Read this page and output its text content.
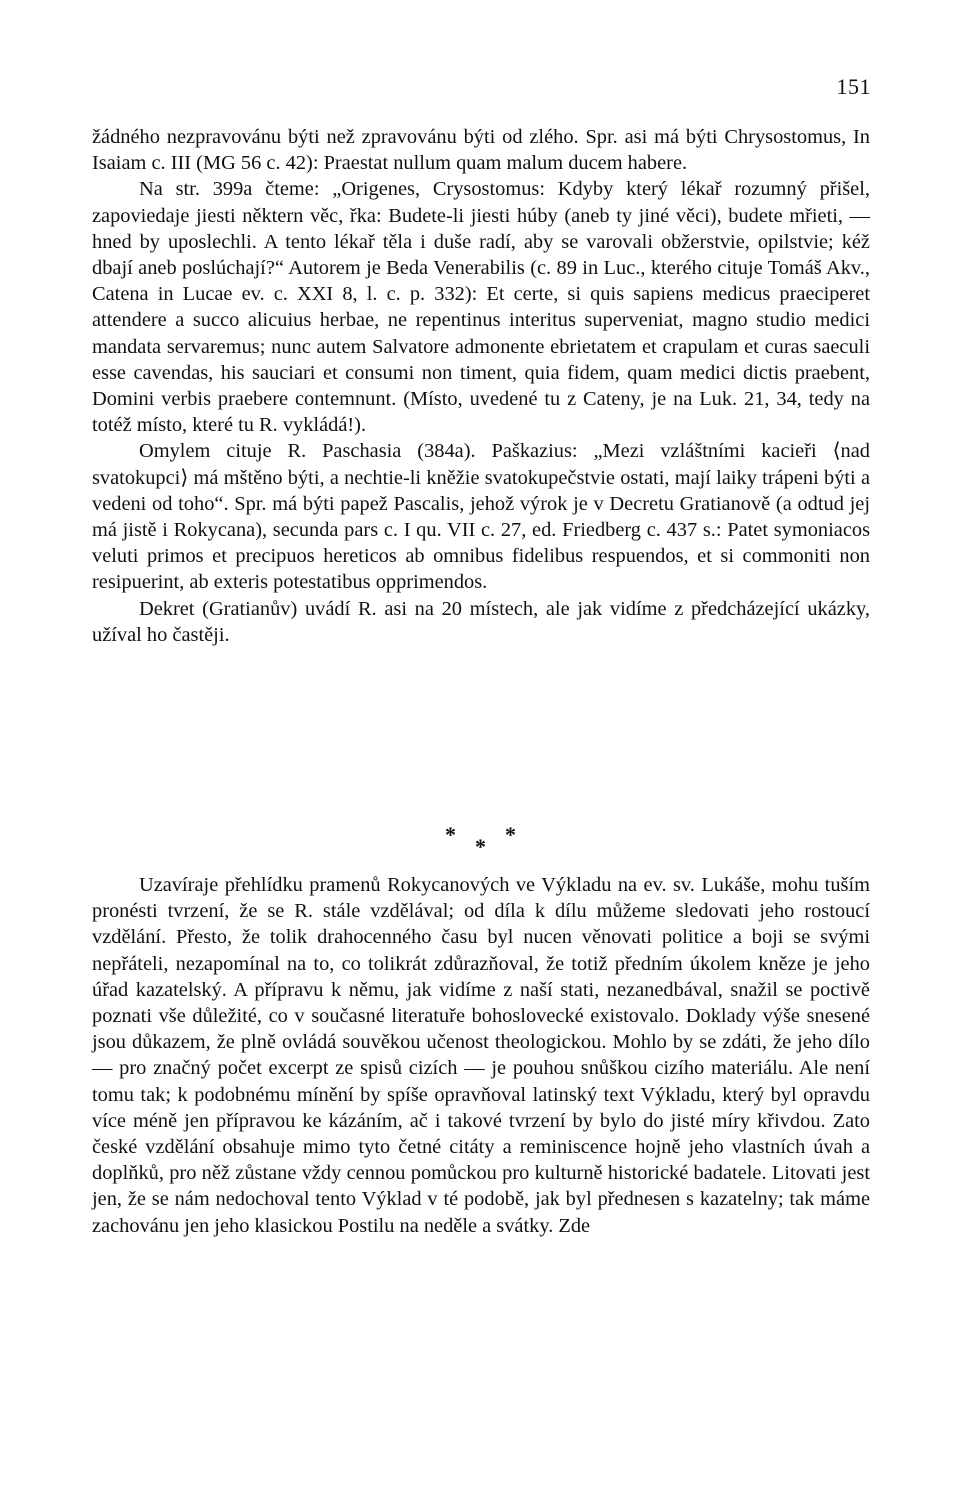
151

žádného nezpravovánu býti než zpravovánu býti od zlého. Spr. asi má býti Chrysostomus, In Isaiam c. III (MG 56 c. 42): Praestat nullum quam malum ducem habere.

Na str. 399a čteme: „Origenes, Crysostomus: Kdyby který lékař rozumný přišel, zapoviedaje jiesti některn věc, řka: Budete-li jiesti húby (aneb ty jiné věci), budete mřieti, — hned by uposlechli. A tento lékař těla i duše radí, aby se varovali obžerstvie, opilstvie; kéž dbají aneb poslúchají?“ Autorem je Beda Venerabilis (c. 89 in Luc., kterého cituje Tomáš Akv., Catena in Lucae ev. c. XXI 8, l. c. p. 332): Et certe, si quis sapiens medicus praeciperet attendere a succo alicuius herbae, ne repentinus interitus superveniat, magno studio medici mandata servaremus; nunc autem Salvatore admonente ebrietatem et crapulam et curas saeculi esse cavendas, his sauciari et consumi non timent, quia fidem, quam medici dictis praebent, Domini verbis praebere contemnunt. (Místo, uvedené tu z Cateny, je na Luk. 21, 34, tedy na totéž místo, které tu R. vykládá!).

Omylem cituje R. Paschasia (384a). Paškazius: „Mezi vzláštními kacieři ⟨nad svatokupci⟩ má mštěno býti, a nechtie-li kněžie svatokupečstvie ostati, mají laiky trápeni býti a vedeni od toho“. Spr. má býti papež Pascalis, jehož výrok je v Decretu Gratianově (a odtud jej má jistě i Rokycana), secunda pars c. I qu. VII c. 27, ed. Friedberg c. 437 s.: Patet symoniacos veluti primos et precipuos hereticos ab omnibus fidelibus respuendos, et si commoniti non resipuerint, ab exteris potestatibus opprimendos.

Dekret (Gratianův) uvádí R. asi na 20 místech, ale jak vidíme z předcházející ukázky, užíval ho častěji.

* * *

Uzavíraje přehlídku pramenů Rokycanových ve Výkladu na ev. sv. Lukáše, mohu tuším pronésti tvrzení, že se R. stále vzdělával; od díla k dílu můžeme sledovati jeho rostoucí vzdělání. Přesto, že tolik drahocenného času byl nucen věnovati politice a boji se svými nepřáteli, nezapomínal na to, co tolikrát zdůrazňoval, že totiž předním úkolem kněze je jeho úřad kazatelský. A přípravu k němu, jak vidíme z naší stati, nezanedbával, snažil se poctivě poznati vše důležité, co v současné literatuře bohoslovecké existovalo. Doklady výše snesené jsou důkazem, že plně ovládá souvěkou učenost theologickou. Mohlo by se zdáti, že jeho dílo — pro značný počet excerpt ze spisů cizích — je pouhou snůškou cizího materiálu. Ale není tomu tak; k podobnému mínění by spíše opravňoval latinský text Výkladu, který byl opravdu více méně jen přípravou ke kázáním, ač i takové tvrzení by bylo do jisté míry křivdou. Zato české vzdělání obsahuje mimo tyto četné citáty a reminiscence hojně jeho vlastních úvah a doplňků, pro něž zůstane vždy cennou pomůckou pro kulturně historické badatele. Litovati jest jen, že se nám nedochoval tento Výklad v té podobě, jak byl přednesen s kazatelny; tak máme zachovánu jen jeho klasickou Postilu na neděle a svátky. Zde
